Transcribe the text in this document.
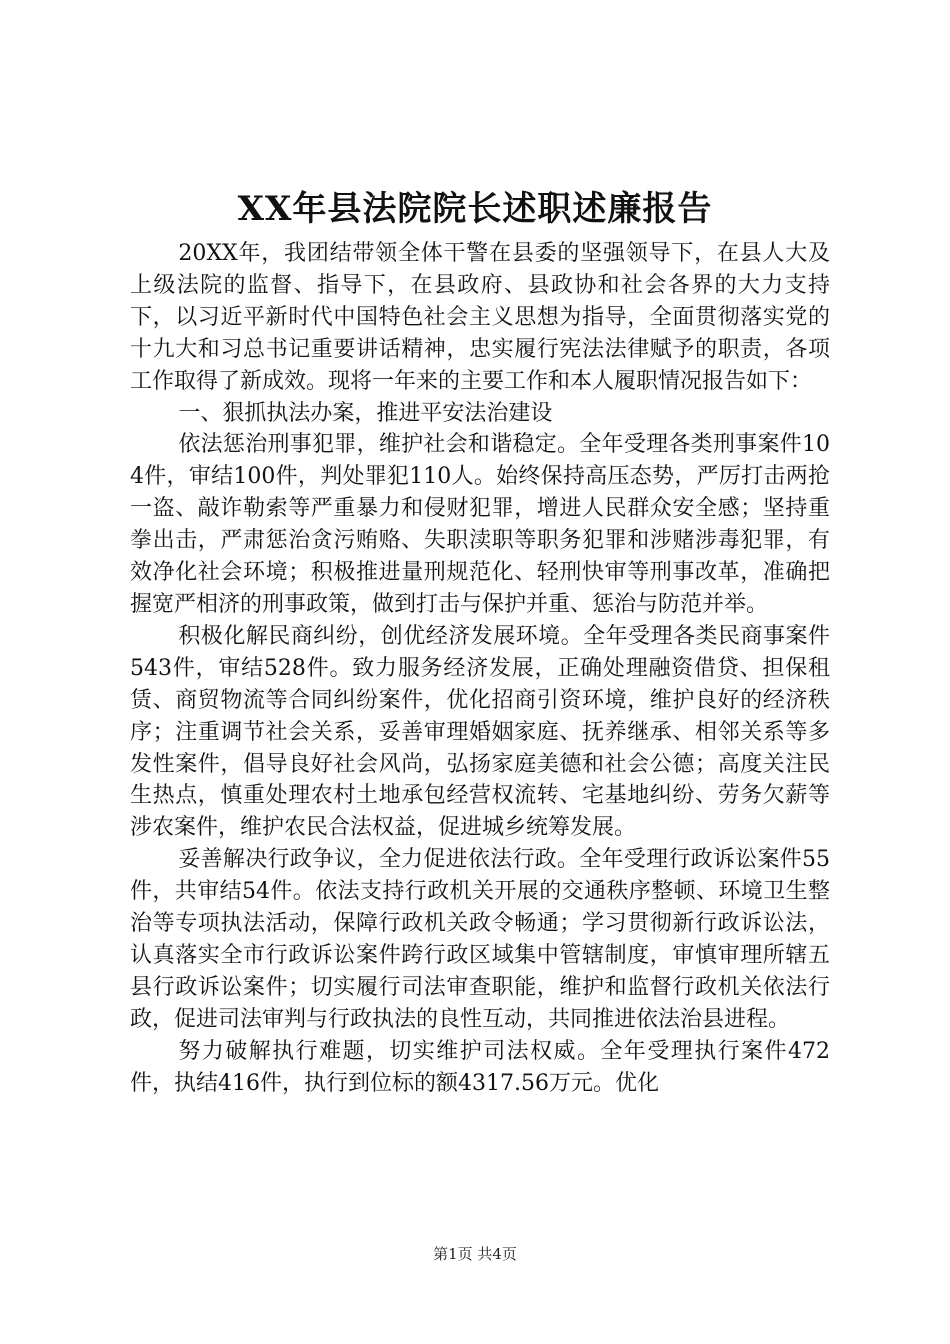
XX年县法院院长述职述廉报告

20XX年，我团结带领全体干警在县委的坚强领导下，在县人大及上级法院的监督、指导下，在县政府、县政协和社会各界的大力支持下，以习近平新时代中国特色社会主义思想为指导，全面贯彻落实党的十九大和习总书记重要讲话精神，忠实履行宪法法律赋予的职责，各项工作取得了新成效。现将一年来的主要工作和本人履职情况报告如下：

一、狠抓执法办案，推进平安法治建设

依法惩治刑事犯罪，维护社会和谐稳定。全年受理各类刑事案件104件，审结100件，判处罪犯110人。始终保持高压态势，严厉打击两抢一盗、敲诈勒索等严重暴力和侵财犯罪，增进人民群众安全感；坚持重拳出击，严肃惩治贪污贿赂、失职渎职等职务犯罪和涉赌涉毒犯罪，有效净化社会环境；积极推进量刑规范化、轻刑快审等刑事改革，准确把握宽严相济的刑事政策，做到打击与保护并重、惩治与防范并举。

积极化解民商纠纷，创优经济发展环境。全年受理各类民商事案件543件，审结528件。致力服务经济发展，正确处理融资借贷、担保租赁、商贸物流等合同纠纷案件，优化招商引资环境，维护良好的经济秩序；注重调节社会关系，妥善审理婚姻家庭、抚养继承、相邻关系等多发性案件，倡导良好社会风尚，弘扬家庭美德和社会公德；高度关注民生热点，慎重处理农村土地承包经营权流转、宅基地纠纷、劳务欠薪等涉农案件，维护农民合法权益，促进城乡统筹发展。

妥善解决行政争议，全力促进依法行政。全年受理行政诉讼案件55件，共审结54件。依法支持行政机关开展的交通秩序整顿、环境卫生整治等专项执法活动，保障行政机关政令畅通；学习贯彻新行政诉讼法，认真落实全市行政诉讼案件跨行政区域集中管辖制度，审慎审理所辖五县行政诉讼案件；切实履行司法审查职能，维护和监督行政机关依法行政，促进司法审判与行政执法的良性互动，共同推进依法治县进程。

努力破解执行难题，切实维护司法权威。全年受理执行案件472件，执结416件，执行到位标的额4317.56万元。优化

第1页 共4页
